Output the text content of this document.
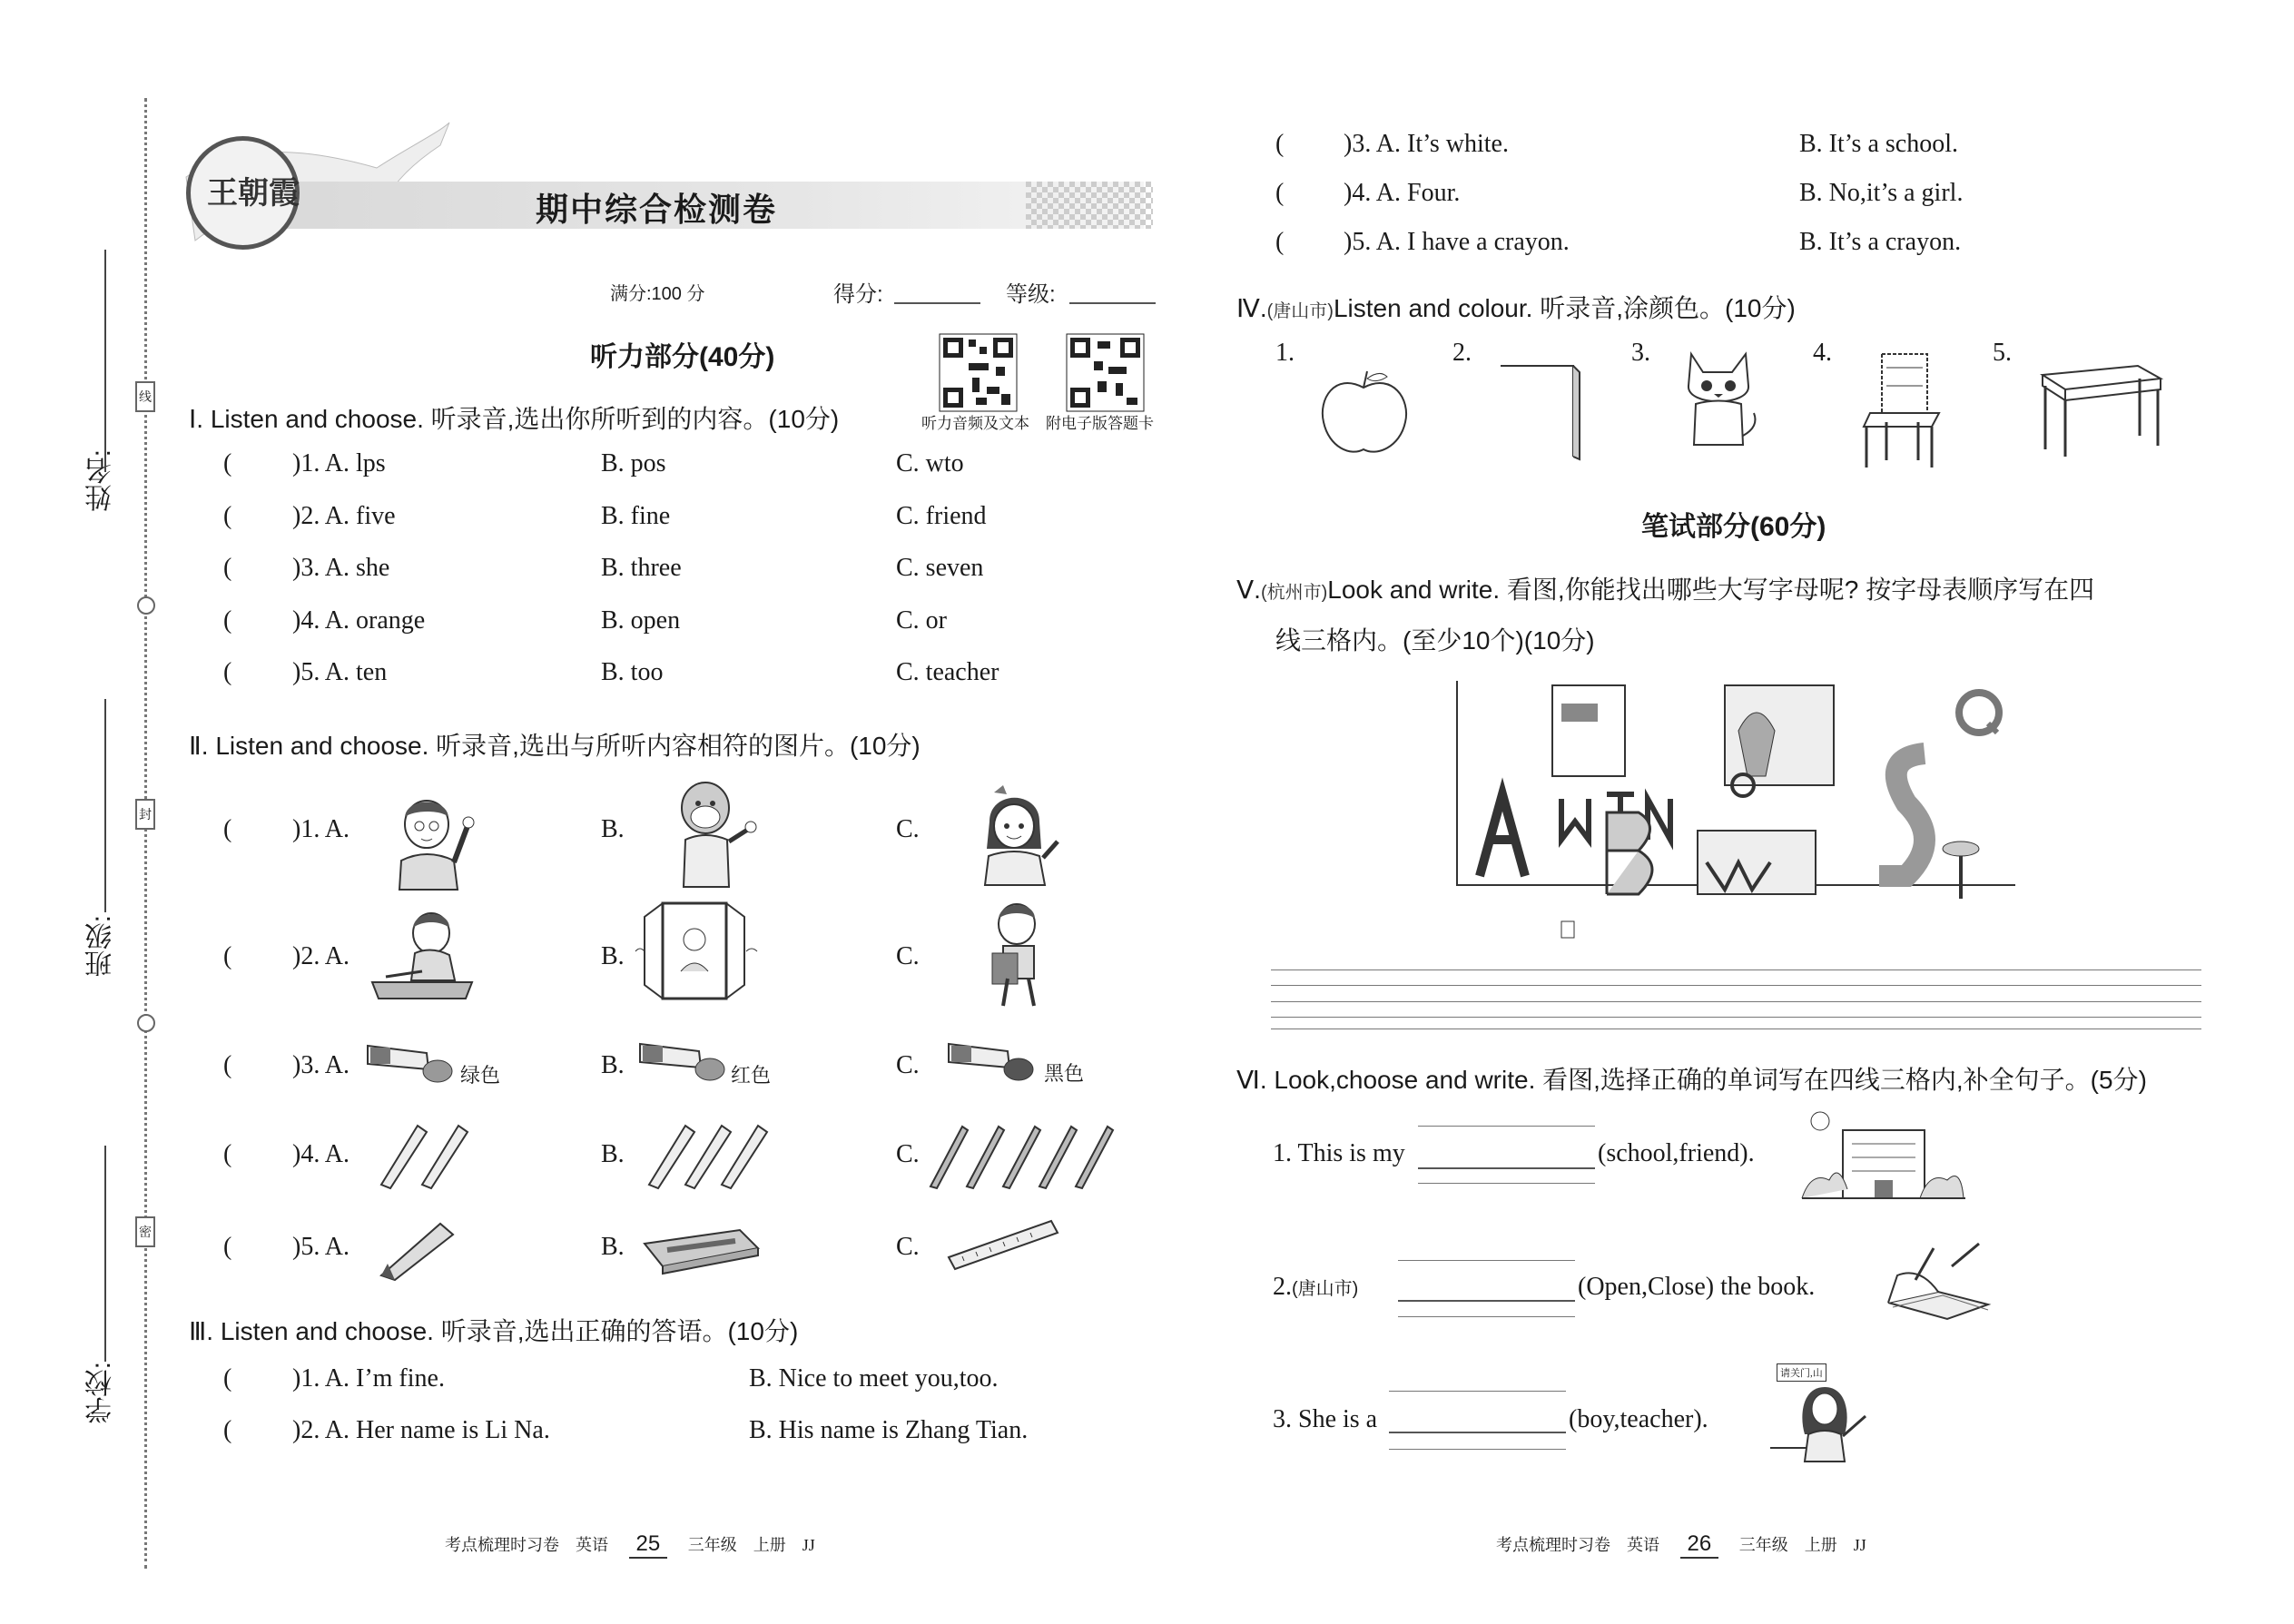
姓名:
线
班级:
封
学校:
密
王朝霞	期中综合检测卷
满分:100 分	得分:	等级:
听力部分(40分)
听力音频及文本 附电子版答题卡
Ⅰ. Listen and choose. 听录音,选出你所听到的内容。(10分)
( )1. A. lps	B. pos	C. wto
( )2. A. five	B. fine	C. friend
( )3. A. she	B. three	C. seven
( )4. A. orange	B. open	C. or
( )5. A. ten	B. too	C. teacher
Ⅱ. Listen and choose. 听录音,选出与所听内容相符的图片。(10分)
( )1. A.	B.	C.
( )2. A.	B.	C.
( )3. A.	B.	C.
( )4. A.	B.	C.
( )5. A.	B.	C.
绿色	红色	黑色
Ⅲ. Listen and choose. 听录音,选出正确的答语。(10分)
( )1. A. I’m fine.	B. Nice to meet you,too.
( )2. A. Her name is Li Na.	B. His name is Zhang Tian.
( )3. A. It’s white.	B. It’s a school.
( )4. A. Four.	B. No,it’s a girl.
( )5. A. I have a crayon.	B. It’s a crayon.
考点梳理时习卷 英语 25 三年级 上册 JJ	考点梳理时习卷 英语 26 三年级 上册 JJ
Ⅳ.(唐山市)Listen and colour. 听录音,涂颜色。(10分)
1.	2.	3.	4.	5.
笔试部分(60分)
Ⅴ.(杭州市)Look and write. 看图,你能找出哪些大写字母呢? 按字母表顺序写在四
线三格内。(至少10个)(10分)
Ⅵ. Look,choose and write. 看图,选择正确的单词写在四线三格内,补全句子。(5分)
1. This is my	(school,friend).
2.(唐山市)	(Open,Close) the book.
3. She is a	(boy,teacher).
请关门,山
